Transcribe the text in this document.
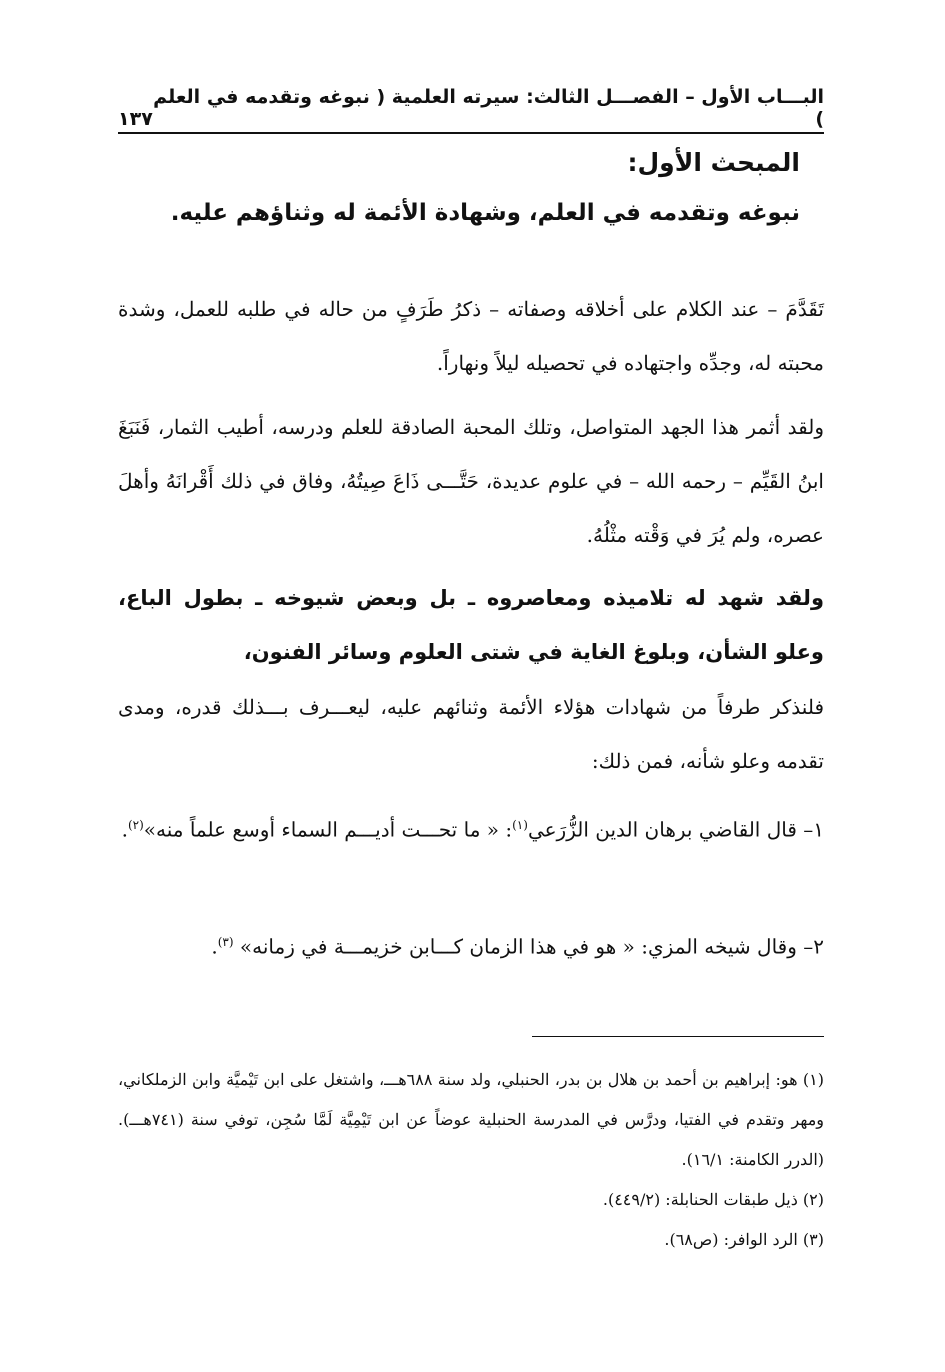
البـــاب الأول – الفصـــل الثالث: سيرته العلمية ( نبوغه وتقدمه في العلم )
١٣٧
المبحث الأول:
نبوغه وتقدمه في العلم، وشهادة الأئمة له وثناؤهم عليه.

تَقَدَّمَ – عند الكلام على أخلاقه وصفاته – ذكرُ طَرَفٍ من حاله في طلبه للعمل، وشدة محبته له، وجدِّه واجتهاده في تحصيله ليلاً ونهاراً.

ولقد أثمر هذا الجهد المتواصل، وتلك المحبة الصادقة للعلم ودرسه، أطيب الثمار، فَنَبَغَ ابنُ القَيِّم – رحمه الله – في علوم عديدة، حَتَّـــى ذَاعَ صِيتُهُ، وفاق في ذلك أَقْرانَهُ وأهلَ عصره، ولم يُرَ في وَقْته مثْلُهُ.

ولقد شهد له تلاميذه ومعاصروه ـ بل وبعض شيوخه ـ بطول الباع، وعلو الشأن، وبلوغ الغاية في شتى العلوم وسائر الفنون،

فلنذكر طرفاً من شهادات هؤلاء الأئمة وثنائهم عليه، ليعـــرف بـــذلك قدره، ومدى تقدمه وعلو شأنه، فمن ذلك:

١– قال القاضي برهان الدين الزُّرَعي$^{(١)}$: « ما تحـــت أديـــم السماء أوسع علماً منه»$^{(٢)}$.

٢– وقال شيخه المزي: « هو في هذا الزمان كـــابن خزيمـــة في زمانه» $^{(٣)}$.

(١) هو: إبراهيم بن أحمد بن هلال بن بدر، الحنبلي، ولد سنة ٦٨٨هـــ، واشتغل على ابن تَيْميَّة وابن الزملكاني، ومهر وتقدم في الفتيا، ودرَّس في المدرسة الحنبلية عوضاً عن ابن تَيْمِيَّة لَمَّا سُجِن، توفي سنة (٧٤١هـــ). (الدرر الكامنة: ١٦/١).

(٢) ذيل طبقات الحنابلة: (٤٤٩/٢).

(٣) الرد الوافر: (ص٦٨).
